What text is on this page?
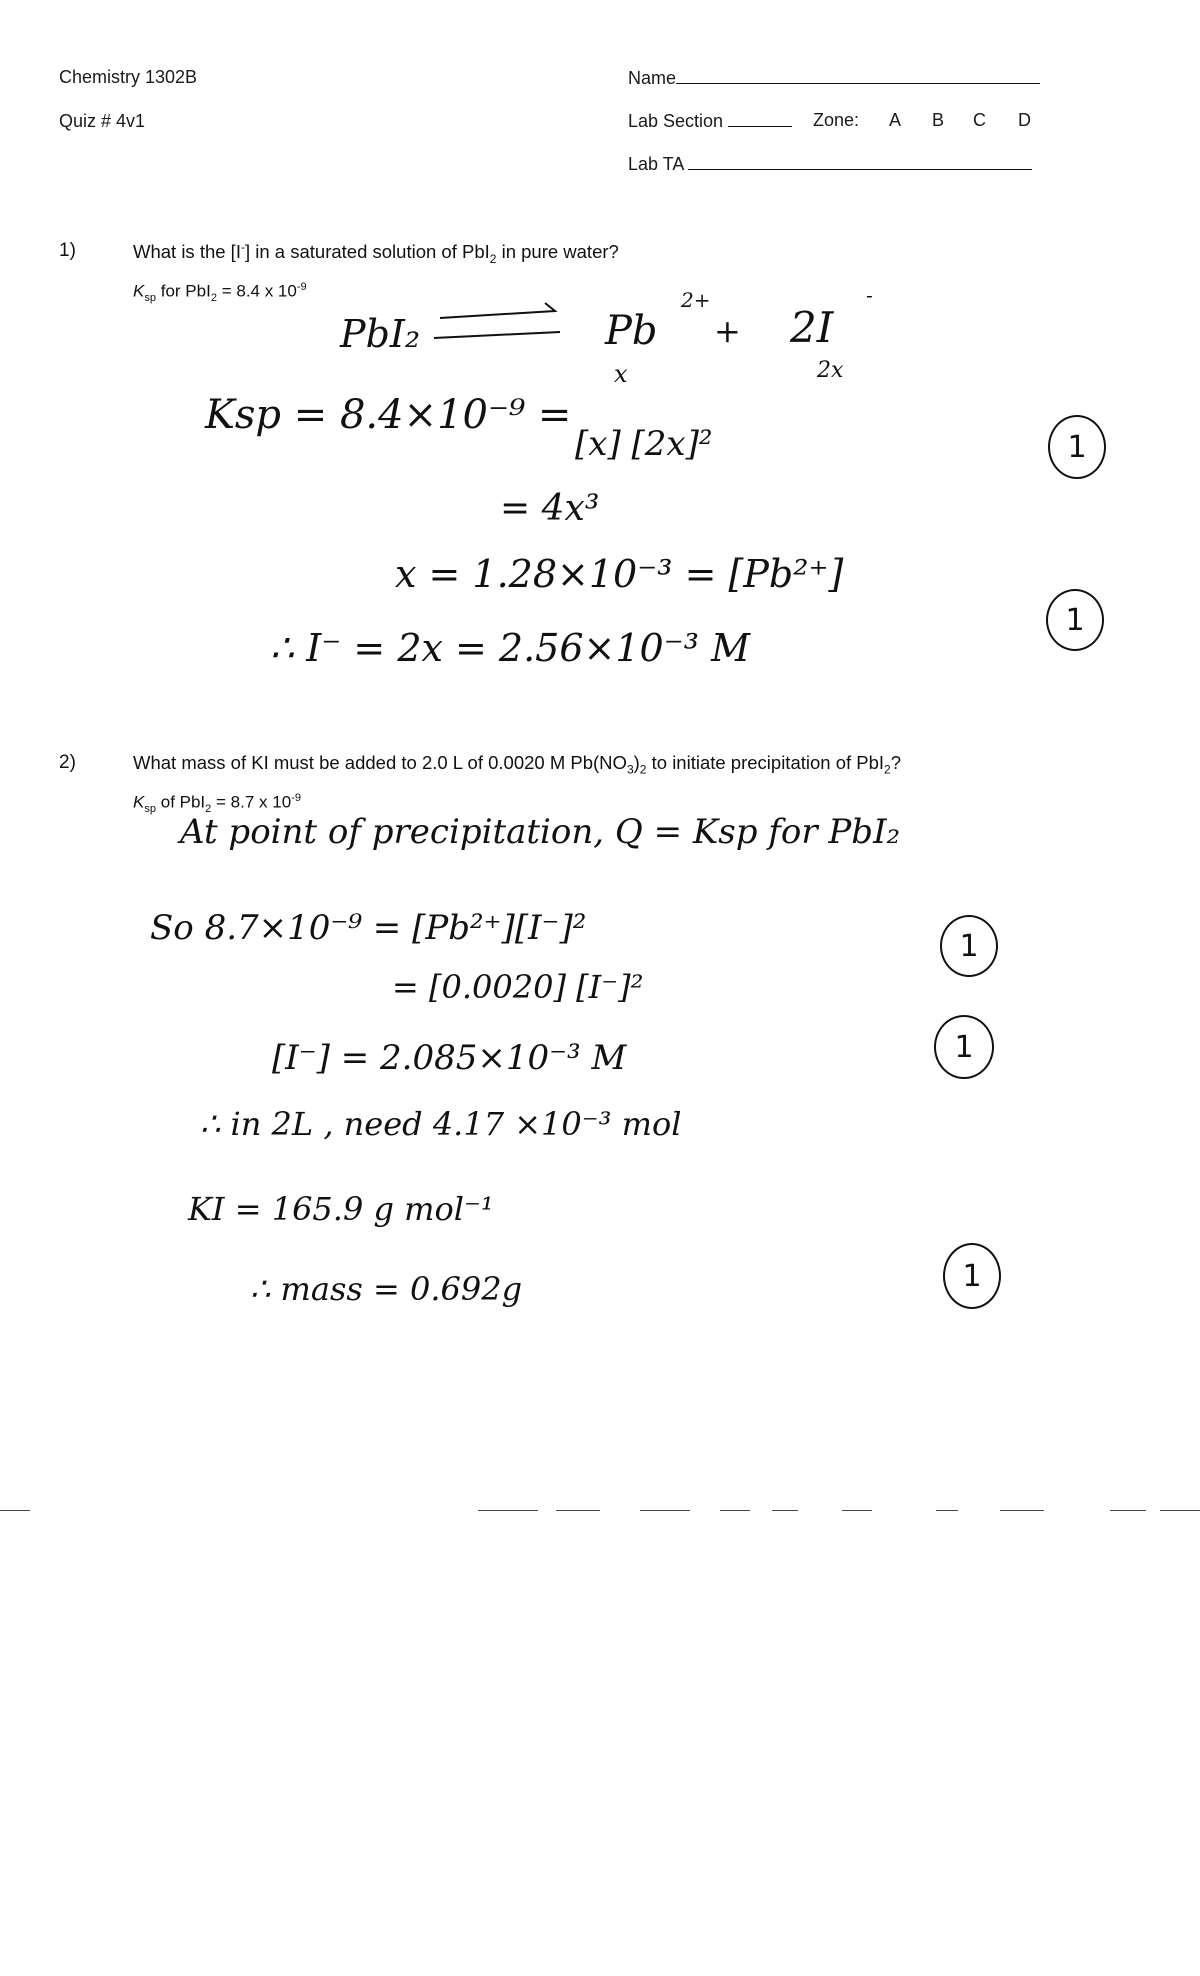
Chemistry 1302B
Quiz # 4v1
Name
Lab Section	Zone: A B C D
Lab TA
1)	What is the [I-] in a saturated solution of PbI$_2$ in pure water?
$K_{sp}$ for PbI$_2$ = 8.4 x $10^{-9}$
PbI₂	Pb
2+
+ 2I
-
x	2x
Ksp = 8.4×10⁻⁹ =
[x] [2x]²
= 4x³
x = 1.28×10⁻³ = [Pb²⁺]
∴ I⁻ = 2x = 2.56×10⁻³ M
1
1
2)	What mass of KI must be added to 2.0 L of 0.0020 M $Pb(NO_3)_2$ to initiate precipitation of PbI$_2$?
$K_{sp}$ of PbI$_2$ = 8.7 x $10^{-9}$
At point of precipitation, Q = Ksp for PbI₂
So 8.7×10⁻⁹ = [Pb²⁺][I⁻]²
= [0.0020] [I⁻]²
[I⁻] = 2.085×10⁻³ M
∴ in 2L , need 4.17 ×10⁻³ mol
KI = 165.9 g mol⁻¹
∴ mass = 0.692g
1
1
1
